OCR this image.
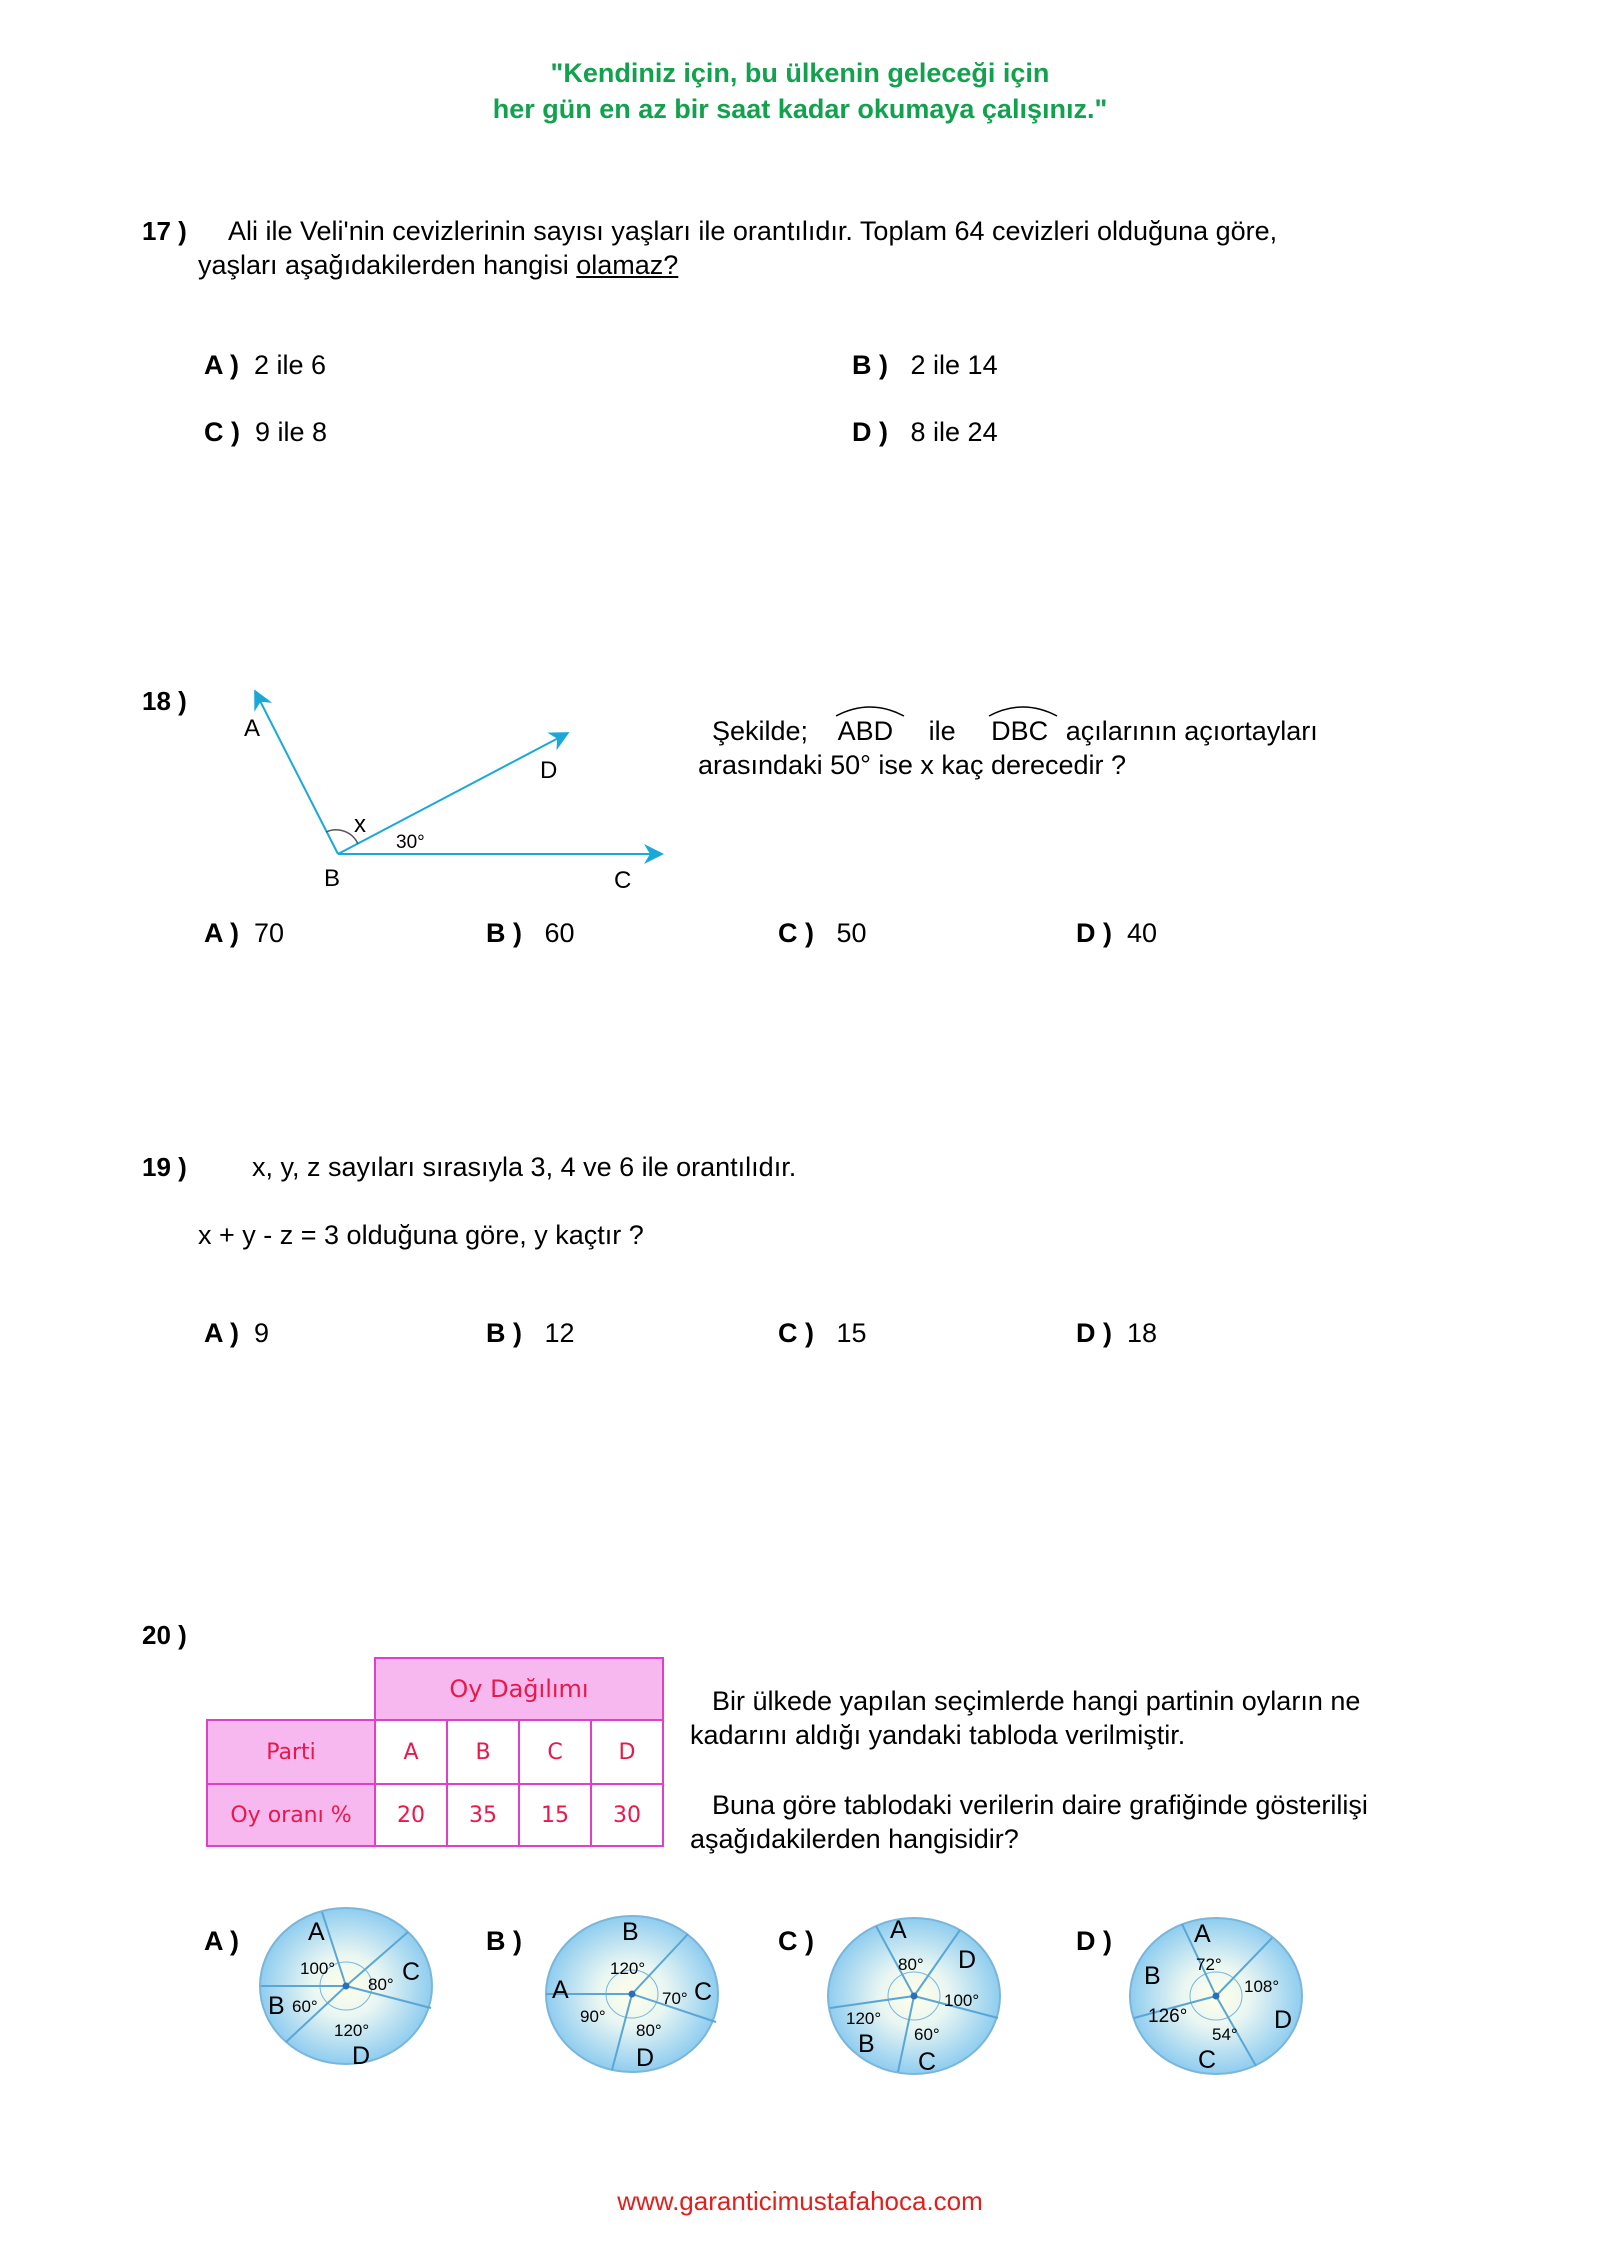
"Kendiniz için, bu ülkenin geleceği için
her gün en az bir saat kadar okumaya çalışınız."
17 ) Ali ile Veli'nin cevizlerinin sayısı yaşları ile orantılıdır. Toplam 64 cevizleri olduğuna göre,
yaşları aşağıdakilerden hangisi olamaz?
A ) 2 ile 6	B ) 2 ile 14
C ) 9 ile 8	D ) 8 ile 24
18 )
A
D
x
30°
B	C
Şekilde; ABD ile DBC açılarının açıortayları
arasındaki 50° ise x kaç derecedir ?
A ) 70	B ) 60	C ) 50	D ) 40
19 ) x, y, z sayıları sırasıyla 3, 4 ve 6 ile orantılıdır.
x + y - z = 3 olduğuna göre, y kaçtır ?
A ) 9	B ) 12	C ) 15	D ) 18
20 )
	Oy Dağılımı			
Parti	A	B	C	D
Oy oranı %	20	35	15	30
Bir ülkede yapılan seçimlerde hangi partinin oyların ne
kadarını aldığı yandaki tabloda verilmiştir.
Buna göre tablodaki verilerin daire grafiğinde gösterilişi
aşağıdakilerden hangisidir?
A )	B )	C )	D )
A
C
B
D
100°
80°
60°
120°
B
A	C
D
120°
90°
70°
80°
A
D
B
C
80°
100°
120°
60°
A
B
D
C
72°
108°
126°
54°
www.garanticimustafahoca.com
